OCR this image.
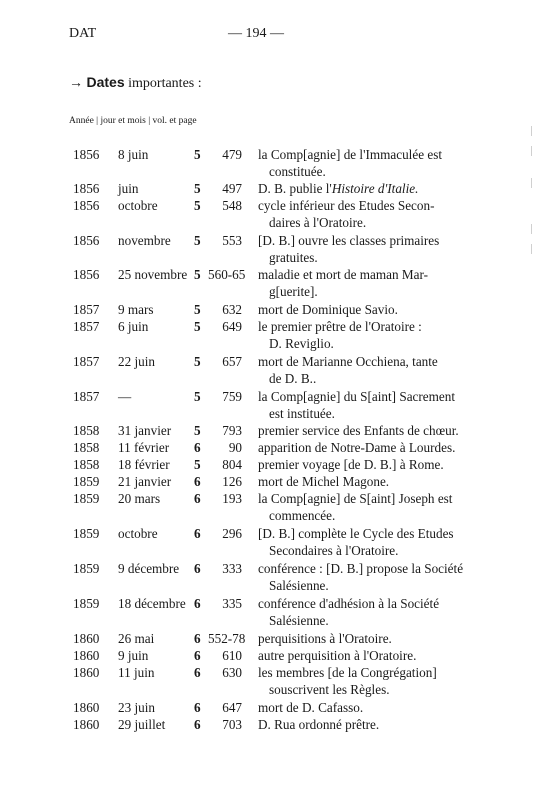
DAT	— 194 —
→ Dates importantes :
Année | jour et mois | vol. et page
1856 8 juin	5	479 la Comp[agnie] de l'Immaculée est
constituée.
1856 juin	5	497 D. B. publie l'Histoire d'Italie.
1856 octobre	5	548 cycle inférieur des Etudes Secon-
daires à l'Oratoire.
1856 novembre 5	553 [D. B.] ouvre les classes primaires
gratuites.
1856 25 novembre 5 560-65 maladie et mort de maman Mar-
g[uerite].
1857 9 mars	5	632 mort de Dominique Savio.
1857 6 juin	5	649 le premier prêtre de l'Oratoire :
D. Reviglio.
1857 22 juin	5	657 mort de Marianne Occhiena, tante
de D. B..
1857 —	5	759 la Comp[agnie] du S[aint] Sacrement
est instituée.
1858 31 janvier 5	793 premier service des Enfants de chœur.
1858 11 février 6	90 apparition de Notre-Dame à Lourdes.
1858 18 février 5	804 premier voyage [de D. B.] à Rome.
1859 21 janvier 6	126 mort de Michel Magone.
1859 20 mars	6	193 la Comp[agnie] de S[aint] Joseph est
commencée.
1859 octobre	6	296 [D. B.] complète le Cycle des Etudes
Secondaires à l'Oratoire.
1859 9 décembre 6	333 conférence : [D. B.] propose la Société
Salésienne.
1859 18 décembre 6	335 conférence d'adhésion à la Société
Salésienne.
1860 26 mai	6 552-78 perquisitions à l'Oratoire.
1860 9 juin	6	610 autre perquisition à l'Oratoire.
1860 11 juin	6	630 les membres [de la Congrégation]
souscrivent les Règles.
1860 23 juin	6	647 mort de D. Cafasso.
1860 29 juillet 6	703 D. Rua ordonné prêtre.
